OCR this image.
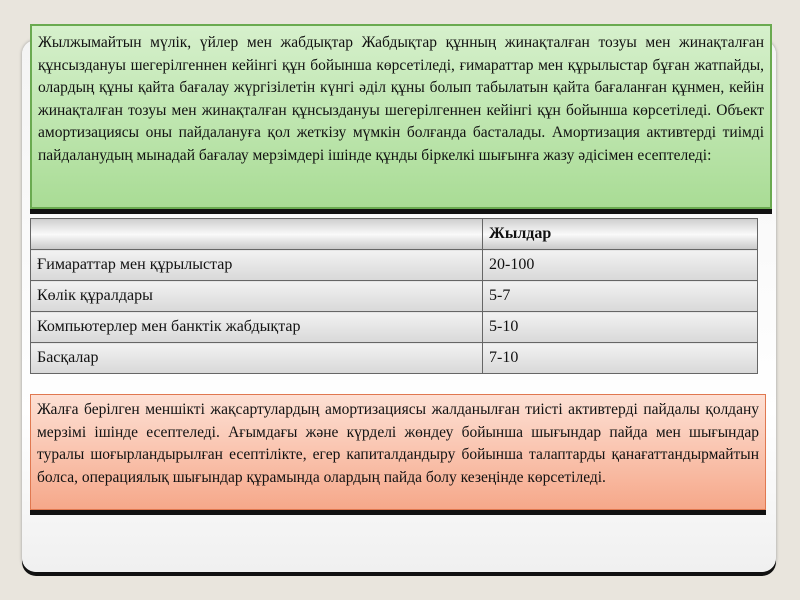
Жылжымайтын мүлік, үйлер мен жабдықтар Жабдықтар құнның жинақталған тозуы мен жинақталған құнсыздануы шегерілгеннен кейінгі құн бойынша көрсетіледі, ғимараттар мен құрылыстар бұған жатпайды, олардың құны қайта бағалау жүргізілетін күнгі әділ құны болып табылатын қайта бағаланған құнмен, кейін жинақталған тозуы мен жинақталған құнсыздануы шегерілгеннен кейінгі құн бойынша көрсетіледі. Объект амортизациясы оны пайдалануға қол жеткізу мүмкін болғанда басталады. Амортизация активтерді тиімді пайдаланудың мынадай бағалау мерзімдері ішінде құнды біркелкі шығынға жазу әдісімен есептеледі:
	Жылдар
Ғимараттар мен құрылыстар	20-100
Көлік құралдары	5-7
Компьютерлер мен банктік жабдықтар	5-10
Басқалар	7-10
Жалға берілген меншікті жақсартулардың амортизациясы жалданылған тиісті активтерді пайдалы қолдану мерзімі ішінде есептеледі. Ағымдағы және күрделі жөндеу бойынша шығындар пайда мен шығындар туралы шоғырландырылған есептілікте, егер капиталдандыру бойынша талаптарды қанағаттандырмайтын болса, операциялық шығындар құрамында олардың пайда болу кезеңінде көрсетіледі.
